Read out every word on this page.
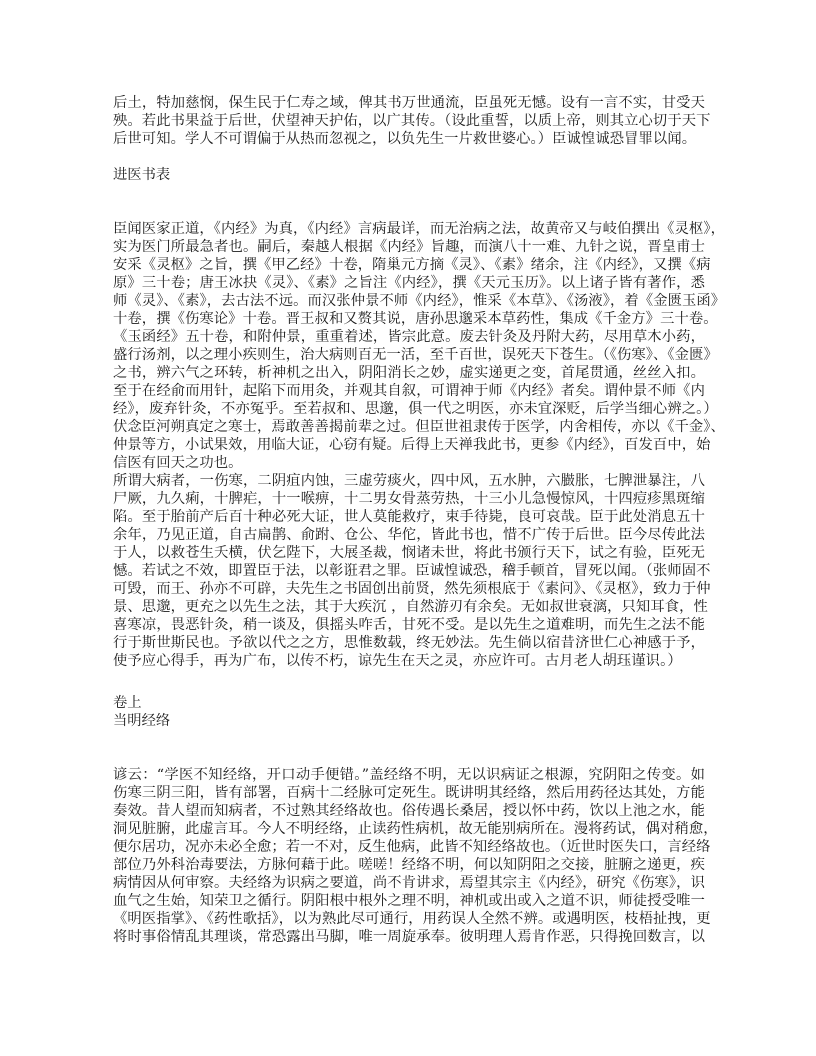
后土，特加慈悯，保生民于仁寿之域，俾其书万世通流，臣虽死无憾。设有一言不实，甘受天
殃。若此书果益于后世，伏望神天护佑，以广其传。（设此重誓，以质上帝，则其立心切于天下
后世可知。学人不可谓偏于从热而忽视之，以负先生一片救世婆心。）臣诚惶诚恐冒罪以闻。
进医书表
臣闻医家正道，《内经》为真，《内经》言病最详，而无治病之法，故黄帝又与岐伯撰出《灵枢》，
实为医门所最急者也。嗣后，秦越人根据《内经》旨趣，而演八十一难、九针之说，晋皇甫士
安采《灵枢》之旨，撰《甲乙经》十卷，隋巢元方摘《灵》、《素》绪余，注《内经》，又撰《病
原》三十卷；唐王冰抉《灵》、《素》之旨注《内经》，撰《天元玉历》。以上诸子皆有著作，悉
师《灵》、《素》，去古法不远。而汉张仲景不师《内经》，惟采《本草》、《汤液》，着《金匮玉函》
十卷，撰《伤寒论》十卷。晋王叔和又赘其说，唐孙思邈采本草药性，集成《千金方》三十卷。
《玉函经》五十卷，和附仲景，重重着述，皆宗此意。废去针灸及丹附大药，尽用草木小药，
盛行汤剂，以之理小疾则生，治大病则百无一活，至千百世，误死天下苍生。（《伤寒》、《金匮》
之书，辨六气之环转，析神机之出入，阴阳消长之妙，虚实递更之变，首尾贯通，丝丝入扣。
至于在经俞而用针，起陷下而用灸，并观其自叙，可谓神于师《内经》者矣。谓仲景不师《内
经》，废弃针灸，不亦冤乎。至若叔和、思邈，俱一代之明医，亦未宜深贬，后学当细心辨之。）
伏念臣河朔真定之寒士，焉敢善善揭前辈之过。但臣世祖隶传于医学，内舍相传，亦以《千金》、
仲景等方，小试果效，用临大证，心窃有疑。后得上天禅我此书，更参《内经》，百发百中，始
信医有回天之功也。
所谓大病者，一伤寒，二阴疽内蚀，三虚劳痰火，四中风，五水肿，六臌胀，七脾泄暴注，八
尸厥，九久痢，十脾疟，十一喉痹，十二男女骨蒸劳热，十三小儿急慢惊风，十四痘疹黑斑缩
陷。至于胎前产后百十种必死大证，世人莫能救疗，束手待毙，良可哀哉。臣于此处消息五十
余年，乃见正道，自古扁鹊、俞跗、仓公、华佗，皆此书也，惜不广传于后世。臣今尽传此法
于人，以救苍生夭横，伏乞陛下，大展圣裁，悯诸未世，将此书颁行天下，试之有验，臣死无
憾。若试之不效，即置臣于法，以彰诳君之罪。臣诚惶诚恐，稽手顿首，冒死以闻。（张师固不
可毁，而王、孙亦不可辟，夫先生之书固创出前贤，然先须根底于《素问》、《灵枢》，致力于仲
景、思邈，更充之以先生之法，其于大疾沉 ，自然游刃有余矣。无如叔世衰漓，只知耳食，性
喜寒凉，畏恶针灸，稍一谈及，俱摇头咋舌，甘死不受。是以先生之道难明，而先生之法不能
行于斯世斯民也。予欲以代之之方，思惟数载，终无妙法。先生倘以宿昔济世仁心神感于予，
使予应心得手，再为广布，以传不朽，谅先生在天之灵，亦应许可。古月老人胡珏谨识。）
卷上
当明经络
谚云：“学医不知经络，开口动手便错。”盖经络不明，无以识病证之根源，究阴阳之传变。如
伤寒三阴三阳，皆有部署，百病十二经脉可定死生。既讲明其经络，然后用药径达其处，方能
奏效。昔人望而知病者，不过熟其经络故也。俗传遇长桑居，授以怀中药，饮以上池之水，能
洞见脏腑，此虚言耳。今人不明经络，止读药性病机，故无能别病所在。漫将药试，偶对稍愈，
便尔居功，况亦未必全愈；若一不对，反生他病，此皆不知经络故也。（近世时医失口，言经络
部位乃外科治毒要法，方脉何藉于此。嗟嗟！经络不明，何以知阴阳之交接，脏腑之递更，疾
病情因从何审察。夫经络为识病之要道，尚不肯讲求，焉望其宗主《内经》，研究《伤寒》，识
血气之生始，知荣卫之循行。阴阳根中根外之理不明，神机或出或入之道不识，师徒授受唯一
《明医指掌》、《药性歌括》，以为熟此尽可通行，用药误人全然不辨。或遇明医，枝梧扯拽，更
将时事俗情乱其理谈，常恐露出马脚，唯一周旋承奉。彼明理人焉肯作恶，只得挽回数言，以
